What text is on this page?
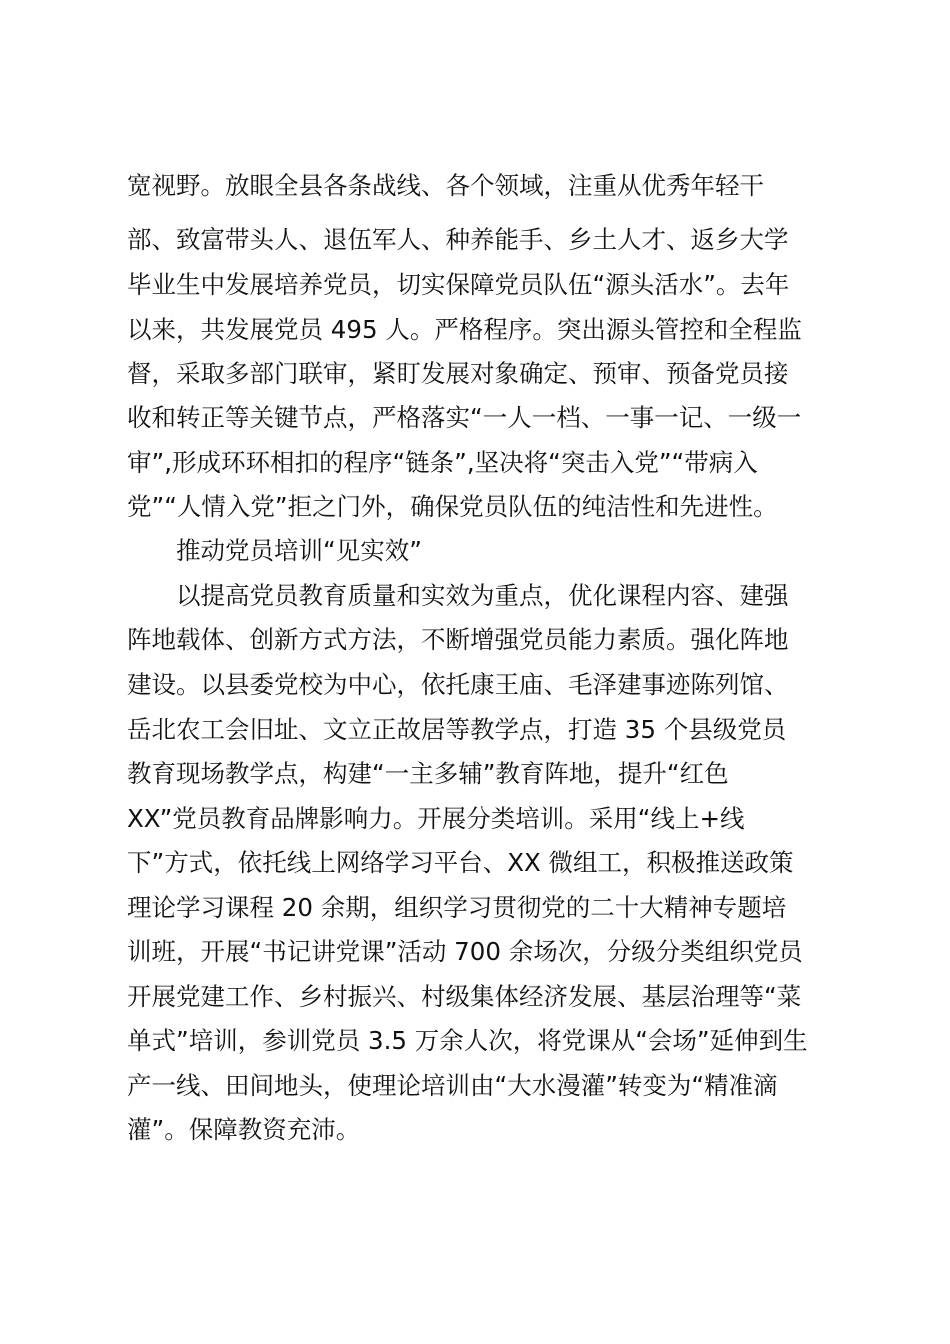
宽视野。放眼全县各条战线、各个领域，注重从优秀年轻干
部、致富带头人、退伍军人、种养能手、乡土人才、返乡大学
毕业生中发展培养党员，切实保障党员队伍“源头活水”。去年
以来，共发展党员 495 人。严格程序。突出源头管控和全程监
督，采取多部门联审，紧盯发展对象确定、预审、预备党员接
收和转正等关键节点，严格落实“一人一档、一事一记、一级一
审”,形成环环相扣的程序“链条”,坚决将“突击入党”“带病入
党”“人情入党”拒之门外，确保党员队伍的纯洁性和先进性。
推动党员培训“见实效”
以提高党员教育质量和实效为重点，优化课程内容、建强
阵地载体、创新方式方法，不断增强党员能力素质。强化阵地
建设。以县委党校为中心，依托康王庙、毛泽建事迹陈列馆、
岳北农工会旧址、文立正故居等教学点，打造 35 个县级党员
教育现场教学点，构建“一主多辅”教育阵地，提升“红色
XX”党员教育品牌影响力。开展分类培训。采用“线上+线
下”方式，依托线上网络学习平台、XX 微组工，积极推送政策
理论学习课程 20 余期，组织学习贯彻党的二十大精神专题培
训班，开展“书记讲党课”活动 700 余场次，分级分类组织党员
开展党建工作、乡村振兴、村级集体经济发展、基层治理等“菜
单式”培训，参训党员 3.5 万余人次，将党课从“会场”延伸到生
产一线、田间地头，使理论培训由“大水漫灌”转变为“精准滴
灌”。保障教资充沛。
